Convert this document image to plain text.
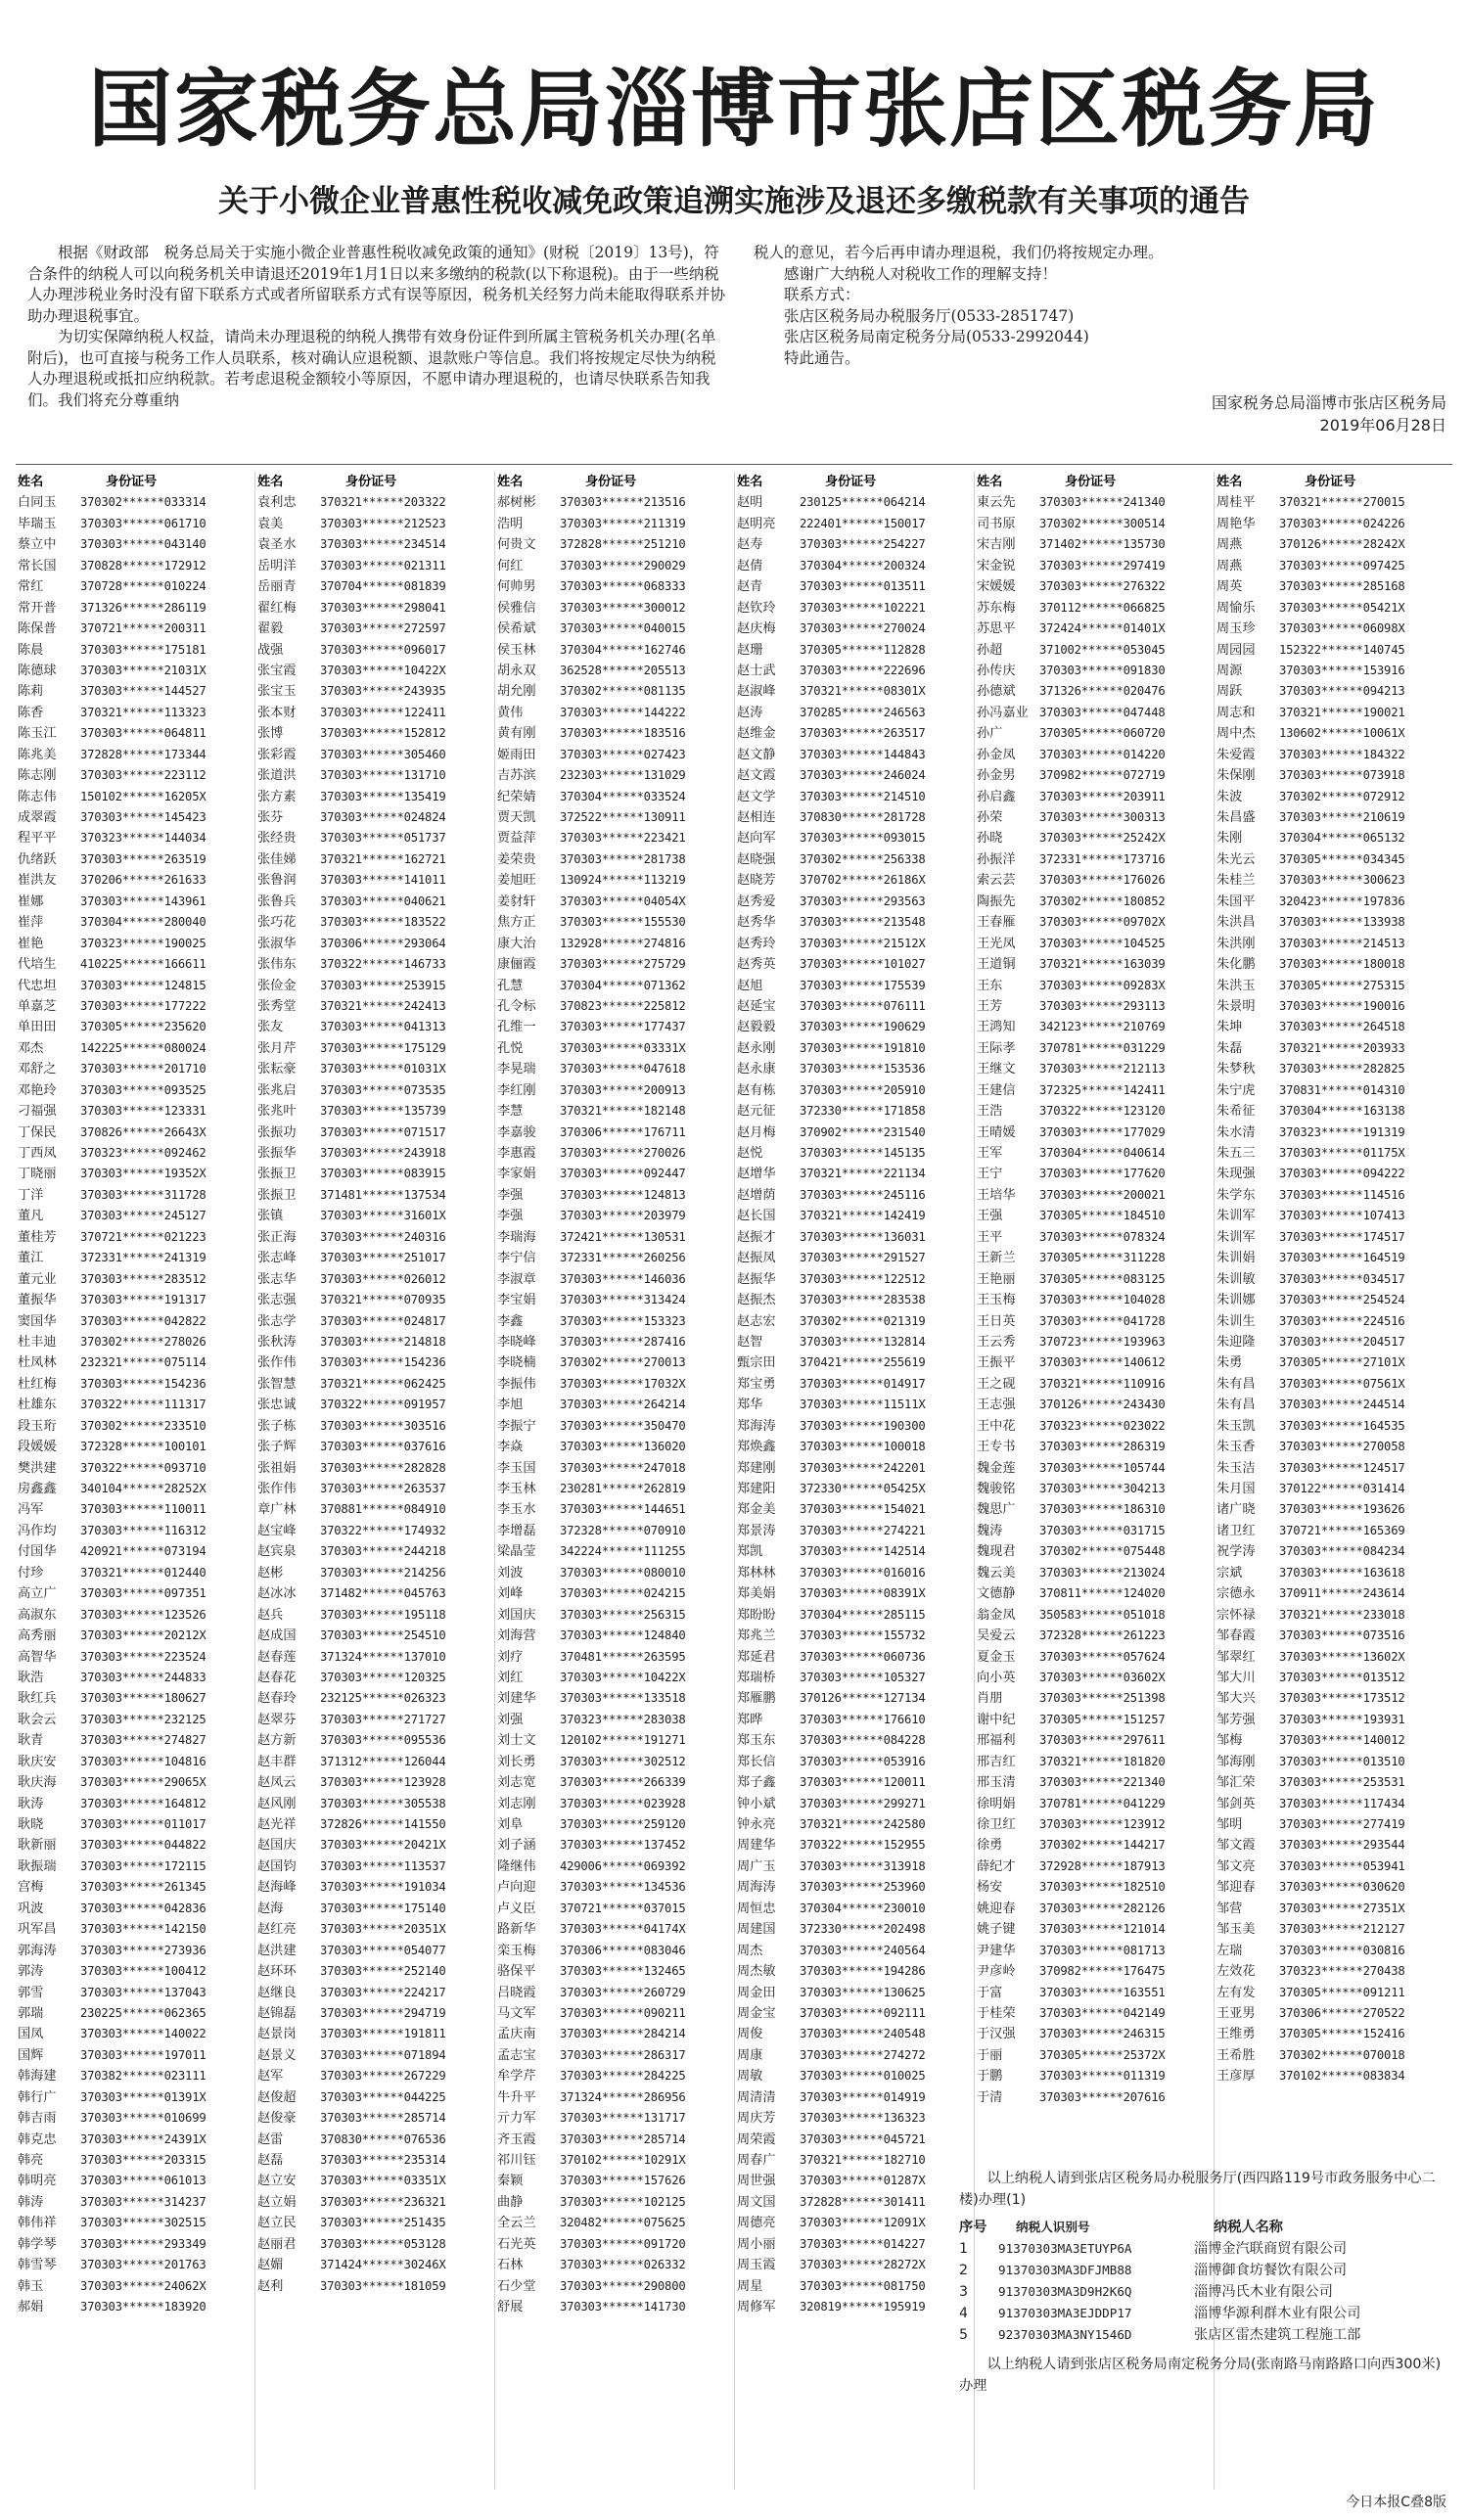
国家税务总局淄博市张店区税务局
关于小微企业普惠性税收减免政策追溯实施涉及退还多缴税款有关事项的通告

根据《财政部　税务总局关于实施小微企业普惠性税收减免政策的通知》(财税〔2019〕13号)，符合条件的纳税人可以向税务机关申请退还2019年1月1日以来多缴纳的税款(以下称退税)。由于一些纳税人办理涉税业务时没有留下联系方式或者所留联系方式有误等原因，税务机关经努力尚未能取得联系并协助办理退税事宜。

为切实保障纳税人权益，请尚未办理退税的纳税人携带有效身份证件到所属主管税务机关办理(名单附后)，也可直接与税务工作人员联系，核对确认应退税额、退款账户等信息。我们将按规定尽快为纳税人办理退税或抵扣应纳税款。若考虑退税金额较小等原因，不愿申请办理退税的，也请尽快联系告知我们。我们将充分尊重纳

税人的意见，若今后再申请办理退税，我们仍将按规定办理。

感谢广大纳税人对税收工作的理解支持！

联系方式：

张店区税务局办税服务厅(0533-2851747)

张店区税务局南定税务分局(0533-2992044)

特此通告。

国家税务总局淄博市张店区税务局
2019年06月28日
姓名	身份证号
白同玉	370302******033314
毕瑞玉	370303******061710
蔡立中	370303******043140
常长国	370828******172912
常红	370728******010224
常开普	371326******286119
陈保普	370721******200311
陈晨	370303******175181
陈德球	370303******21031X
陈莉	370303******144527
陈香	370321******113323
陈玉江	370303******064811
陈兆美	372828******173344
陈志刚	370303******223112
陈志伟	150102******16205X
成翠霞	370303******145423
程平平	370323******144034
仇绪跃	370303******263519
崔洪友	370206******261633
崔娜	370303******143961
崔萍	370304******280040
崔艳	370323******190025
代培生	410225******166611
代忠坦	370303******124815
单嘉芝	370303******177222
单田田	370305******235620
邓杰	142225******080024
邓舒之	370303******201710
邓艳玲	370303******093525
刁福强	370303******123331
丁保民	370826******26643X
丁西凤	370323******092462
丁晓丽	370303******19352X
丁洋	370303******311728
董凡	370303******245127
董桂芳	370721******021223
董江	372331******241319
董元业	370303******283512
董振华	370303******191317
窦国华	370303******042822
杜丰迪	370302******278026
杜凤林	232321******075114
杜红梅	370303******154236
杜雄东	370322******111317
段玉珩	370302******233510
段媛媛	372328******100101
樊洪建	370322******093710
房鑫鑫	340104******28252X
冯军	370303******110011
冯作均	370303******116312
付国华	420921******073194
付珍	370321******012440
高立广	370303******097351
高淑东	370303******123526
高秀丽	370303******20212X
高智华	370303******223524
耿浩	370303******244833
耿红兵	370303******180627
耿会云	370303******232125
耿青	370303******274827
耿庆安	370303******104816
耿庆海	370303******29065X
耿涛	370303******164812
耿晓	370303******011017
耿新丽	370303******044822
耿振瑞	370303******172115
宫梅	370303******261345
巩波	370303******042836
巩军昌	370303******142150
郭海涛	370303******273936
郭涛	370303******100412
郭雪	370303******137043
郭瑞	230225******062365
国凤	370303******140022
国辉	370303******197011
韩海建	370382******023111
韩行广	370303******01391X
韩吉雨	370303******010699
韩克忠	370303******24391X
韩亮	370303******203315
韩明亮	370303******061013
韩涛	370303******314237
韩伟祥	370303******302515
韩学琴	370303******293349
韩雪琴	370303******201763
韩玉	370303******24062X
郝娟	370303******183920
姓名	身份证号
袁利忠	370321******203322
袁美	370303******212523
袁圣水	370303******234514
岳明洋	370303******021311
岳丽青	370704******081839
翟红梅	370303******298041
翟毅	370303******272597
战强	370303******096017
张宝霞	370303******10422X
张宝玉	370303******243935
张本财	370303******122411
张博	370303******152812
张彩霞	370303******305460
张道洪	370303******131710
张方素	370303******135419
张芬	370303******024824
张经贵	370303******051737
张佳娣	370321******162721
张鲁润	370303******141011
张鲁兵	370303******040621
张巧花	370303******183522
张淑华	370306******293064
张伟东	370322******146733
张俭金	370303******253915
张秀堂	370321******242413
张友	370303******041313
张月芹	370303******175129
张耘豪	370303******01031X
张兆启	370303******073535
张兆叶	370303******135739
张振功	370303******071517
张振华	370303******243918
张振卫	370303******083915
张振卫	371481******137534
张镇	370303******31601X
张正海	370303******240316
张志峰	370303******251017
张志华	370303******026012
张志强	370321******070935
张志学	370303******024817
张秋涛	370303******214818
张作伟	370303******154236
张智慧	370321******062425
张忠诚	370322******091957
张子栋	370303******303516
张子辉	370303******037616
张祖娟	370303******282828
张作伟	370303******263537
章广林	370881******084910
赵宝峰	370322******174932
赵宾泉	370303******244218
赵彬	370303******214256
赵冰冰	371482******045763
赵兵	370303******195118
赵成国	370303******254510
赵春莲	371324******137010
赵春花	370303******120325
赵春玲	232125******026323
赵翠芬	370303******271727
赵方新	370303******095536
赵丰群	371312******126044
赵凤云	370303******123928
赵风刚	370303******305538
赵光祥	372826******141550
赵国庆	370303******20421X
赵国钧	370303******113537
赵海峰	370303******191034
赵海	370303******175140
赵红亮	370303******20351X
赵洪建	370303******054077
赵环环	370303******252140
赵继良	370303******224217
赵锦磊	370303******294719
赵景岗	370303******191811
赵景义	370303******071894
赵军	370303******267229
赵俊超	370303******044225
赵俊豪	370303******285714
赵雷	370830******076536
赵磊	370303******235314
赵立安	370303******03351X
赵立娟	370303******236321
赵立民	370303******251435
赵丽君	370303******053128
赵媚	371424******30246X
赵利	370303******181059
姓名	身份证号
郝树彬	370303******213516
浩明	370303******211319
何贵文	372828******251210
何红	370303******290029
何帅男	370303******068333
侯雅信	370303******300012
侯希斌	370303******040015
侯玉林	370304******162746
胡永双	362528******205513
胡允刚	370302******081135
黄伟	370303******144222
黄有刚	370303******183516
姬雨田	370303******027423
吉苏滨	232303******131029
纪荣婧	370304******033524
贾天凯	372522******130911
贾益萍	370303******223421
姜荣贵	370303******281738
姜旭旺	130924******113219
姜豺轩	370303******04054X
焦方正	370303******155530
康大治	132928******274816
康俪霞	370303******275729
孔慧	370304******071362
孔令标	370823******225812
孔维一	370303******177437
孔悦	370303******03331X
李晃瑞	370303******047618
李红刚	370303******200913
李慧	370321******182148
李嘉骏	370306******176711
李惠霞	370303******270026
李家娟	370303******092447
李强	370303******124813
李强	370303******203979
李瑞海	372421******130531
李宁信	372331******260256
李淑章	370303******146036
李宝娟	370303******313424
李鑫	370303******153323
李晓峰	370303******287416
李晓楠	370302******270013
李振伟	370303******17032X
李旭	370303******264214
李振宁	370303******350470
李焱	370303******136020
李玉国	370303******247018
李玉林	230281******262819
李玉水	370303******144651
李增磊	372328******070910
梁晶莹	342224******111255
刘波	370303******080010
刘峰	370303******024215
刘国庆	370303******256315
刘海营	370303******124840
刘疗	370481******263595
刘红	370303******10422X
刘建华	370303******133518
刘强	370323******283038
刘士文	120102******191271
刘长勇	370303******302512
刘志宽	370303******266339
刘志刚	370303******023928
刘阜	370303******259120
刘子涵	370303******137452
隆继伟	429006******069392
卢向迎	370303******134536
卢义臣	370721******037015
路新华	370303******04174X
栾玉梅	370306******083046
骆保平	370303******132465
吕晓霞	370303******260729
马文军	370303******090211
孟庆南	370303******284214
孟志宝	370303******286317
牟学芹	370303******284225
牛升平	371324******286956
亓力军	370303******131717
齐玉霞	370303******285714
祁川钰	370102******10291X
秦颖	370303******157626
曲静	370303******102125
全云兰	320482******075625
石光英	370303******091720
石林	370303******026332
石少堂	370303******290800
舒展	370303******141730
姓名	身份证号
赵明	230125******064214
赵明亮	222401******150017
赵寿	370303******254227
赵倩	370304******200324
赵青	370303******013511
赵钦玲	370303******102221
赵庆梅	370303******270024
赵珊	370305******112828
赵士武	370303******222696
赵淑峰	370321******08301X
赵涛	370285******246563
赵维金	370303******263517
赵文静	370303******144843
赵文霞	370303******246024
赵文学	370303******214510
赵相连	370830******281728
赵向军	370303******093015
赵晓强	370302******256338
赵晓芳	370702******26186X
赵秀爱	370303******293563
赵秀华	370303******213548
赵秀玲	370303******21512X
赵秀英	370303******101027
赵旭	370303******175539
赵延宝	370303******076111
赵毅毅	370303******190629
赵永刚	370303******191810
赵永康	370303******153536
赵有栋	370303******205910
赵元征	372330******171858
赵月梅	370902******231540
赵悦	370303******145135
赵增华	370321******221134
赵增荫	370303******245116
赵长国	370321******142419
赵振才	370303******136031
赵振凤	370303******291527
赵振华	370303******122512
赵振杰	370303******283538
赵志宏	370302******021319
赵智	370303******132814
甄宗田	370421******255619
郑宝勇	370303******014917
郑华	370303******11511X
郑海涛	370303******190300
郑焕鑫	370303******100018
郑建刚	370303******242201
郑建阳	372330******05425X
郑金美	370303******154021
郑景涛	370303******274221
郑凯	370303******142514
郑林林	370303******016016
郑美娟	370303******08391X
郑盼盼	370304******285115
郑兆兰	370303******155732
郑延君	370303******060736
郑瑞桥	370303******105327
郑雁鹏	370126******127134
郑晔	370303******176610
郑玉东	370303******084228
郑长信	370303******053916
郑子鑫	370303******120011
钟小斌	370303******299271
钟永亮	370321******242580
周建华	370322******152955
周广玉	370303******313918
周海涛	370303******253960
周恒忠	370304******230010
周建国	372330******202498
周杰	370303******240564
周杰敏	370303******194286
周金田	370303******130625
周金宝	370303******092111
周俊	370303******240548
周康	370303******274272
周敏	370303******010025
周清清	370303******014919
周庆芳	370303******136323
周荣霞	370303******045721
周春广	370321******182710
周世强	370303******01287X
周文国	372828******301411
周德亮	370303******12091X
周小丽	370303******014227
周玉霞	370303******28272X
周星	370303******081750
周修军	320819******195919
姓名	身份证号
東云先	370303******241340
司书原	370302******300514
宋吉刚	371402******135730
宋金锐	370303******297419
宋媛媛	370303******276322
苏东梅	370112******066825
苏思平	372424******01401X
孙超	371002******053045
孙传庆	370303******091830
孙德斌	371326******020476
孙冯嘉业 370303******047448
孙广	370305******060720
孙金凤	370303******014220
孙金男	370982******072719
孙启鑫	370303******203911
孙荣	370303******300313
孙晓	370303******25242X
孙振洋	372331******173716
索云芸	370303******176026
陶振先	370302******180852
王春雁	370303******09702X
王光凤	370303******104525
王道铜	370321******163039
王东	370303******09283X
王芳	370303******293113
王鸿知	342123******210769
王际孝	370781******031229
王继文	370303******212113
王建信	372325******142411
王浩	370322******123120
王晴媛	370303******177029
王军	370304******040614
王宁	370303******177620
王培华	370303******200021
王强	370305******184510
王平	370303******078324
王新兰	370305******311228
王艳丽	370305******083125
王玉梅	370303******104028
王日英	370303******041728
王云秀	370723******193963
王振平	370303******140612
王之砚	370321******110916
王志强	370126******243430
王中花	370323******023022
王专书	370303******286319
魏金莲	370303******105744
魏骏铭	370303******304213
魏思广	370303******186310
魏涛	370303******031715
魏现君	370302******075448
魏云美	370303******213024
文德静	370811******124020
翁金凤	350583******051018
吴爱云	372328******261223
夏金玉	370303******057624
向小英	370303******03602X
肖朋	370303******251398
谢中纪	370305******151257
邢福利	370303******297611
邢吉红	370321******181820
邢玉清	370303******221340
徐明娟	370781******041229
徐卫红	370303******123912
徐勇	370302******144217
薛纪才	372928******187913
杨安	370303******182510
姚迎春	370303******282126
姚子键	370303******121014
尹建华	370303******081713
尹彦岭	370982******176475
于富	370303******163551
于桂荣	370303******042149
于汉强	370303******246315
于丽	370305******25372X
于鹏	370303******011319
于清	370303******207616
姓名	身份证号
周桂平	370321******270015
周艳华	370303******024226
周燕	370126******28242X
周燕	370303******097425
周英	370303******285168
周愉乐	370303******05421X
周玉珍	370303******06098X
周园园	152322******140745
周源	370303******153916
周跃	370303******094213
周志和	370321******190021
周中杰	130602******10061X
朱爱霞	370303******184322
朱保刚	370303******073918
朱波	370302******072912
朱昌盛	370303******210619
朱刚	370304******065132
朱光云	370305******034345
朱桂兰	370303******300623
朱国平	320423******197836
朱洪昌	370303******133938
朱洪刚	370303******214513
朱化鹏	370303******180018
朱洪玉	370305******275315
朱景明	370303******190016
朱坤	370303******264518
朱磊	370321******203933
朱梦秋	370303******282825
朱宁虎	370831******014310
朱希征	370304******163138
朱水清	370323******191319
朱五三	370303******01175X
朱现强	370303******094222
朱学东	370303******114516
朱训军	370303******107413
朱训军	370303******174517
朱训娟	370303******164519
朱训敏	370303******034517
朱训娜	370303******254524
朱训生	370303******224516
朱迎隆	370303******204517
朱勇	370305******27101X
朱有昌	370303******07561X
朱有昌	370303******244514
朱玉凯	370303******164535
朱玉香	370303******270058
朱玉洁	370303******124517
朱月国	370122******031414
诸广晓	370303******193626
诸卫红	370721******165369
祝学涛	370303******084234
宗斌	370303******163618
宗德永	370911******243614
宗怀禄	370321******233018
邹春霞	370303******073516
邹翠红	370303******13602X
邹大川	370303******013512
邹大兴	370303******173512
邹芳强	370303******193931
邹梅	370303******140012
邹海刚	370303******013510
邹汇荣	370303******253531
邹剑英	370303******117434
邹明	370303******277419
邹文霞	370303******293544
邹文亮	370303******053941
邹迎春	370303******030620
邹营	370303******27351X
邹玉美	370303******212127
左瑞	370303******030816
左效花	370323******270438
左有发	370305******091211
王亚男	370306******270522
王维勇	370305******152416
王希胜	370302******070018
王彦厚	370102******083834

以上纳税人请到张店区税务局办税服务厅(西四路119号市政务服务中心二楼)办理(1)

序号	纳税人识别号	纳税人名称
1	91370303MA3ETUYP6A	淄博金汽联商贸有限公司
2	91370303MA3DFJMB88	淄博御食坊餐饮有限公司
3	91370303MA3D9H2K6Q	淄博冯氏木业有限公司
4	91370303MA3EJDDP17	淄博华源利群木业有限公司
5	92370303MA3NY1546D	张店区雷杰建筑工程施工部

以上纳税人请到张店区税务局南定税务分局(张南路马南路路口向西300米)办理

今日本报C叠8版
